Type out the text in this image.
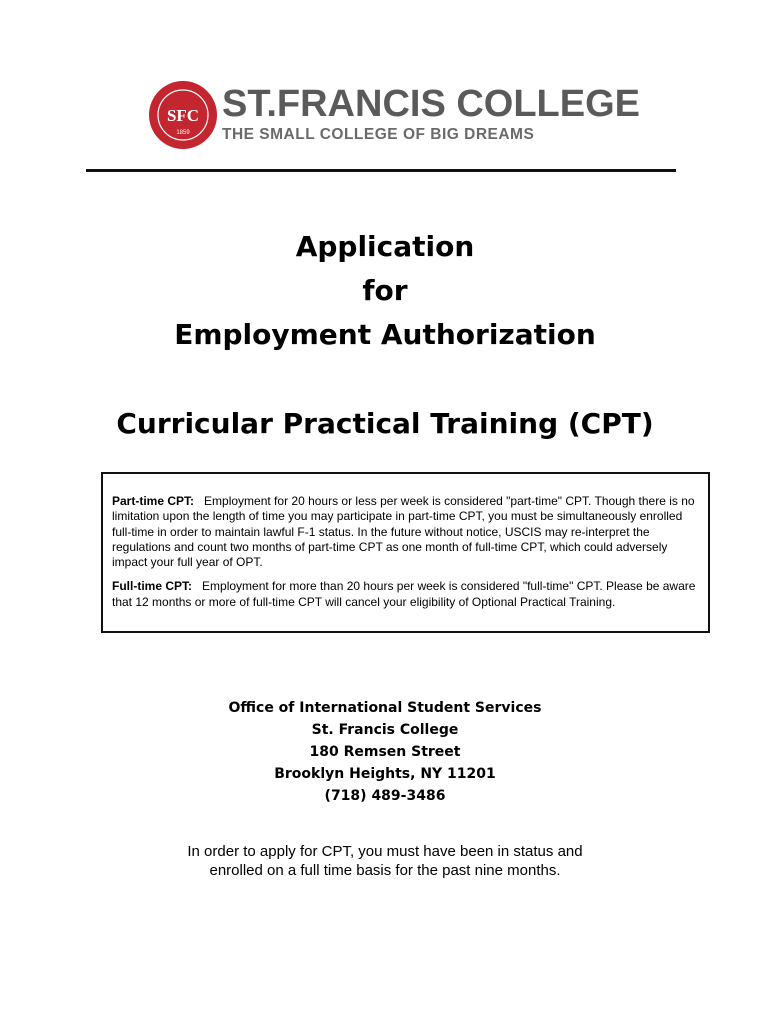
SFC
1859
ST.FRANCIS COLLEGE
THE SMALL COLLEGE OF BIG DREAMS
Application
for
Employment Authorization
Curricular Practical Training (CPT)

Part-time CPT: Employment for 20 hours or less per week is considered "part-time" CPT. Though there is no limitation upon the length of time you may participate in part-time CPT, you must be simultaneously enrolled full-time in order to maintain lawful F-1 status. In the future without notice, USCIS may re-interpret the regulations and count two months of part-time CPT as one month of full-time CPT, which could adversely impact your full year of OPT.

Full-time CPT: Employment for more than 20 hours per week is considered "full-time" CPT. Please be aware that 12 months or more of full-time CPT will cancel your eligibility of Optional Practical Training.

Office of International Student Services
St. Francis College
180 Remsen Street
Brooklyn Heights, NY 11201
(718) 489-3486
In order to apply for CPT, you must have been in status and
enrolled on a full time basis for the past nine months.
